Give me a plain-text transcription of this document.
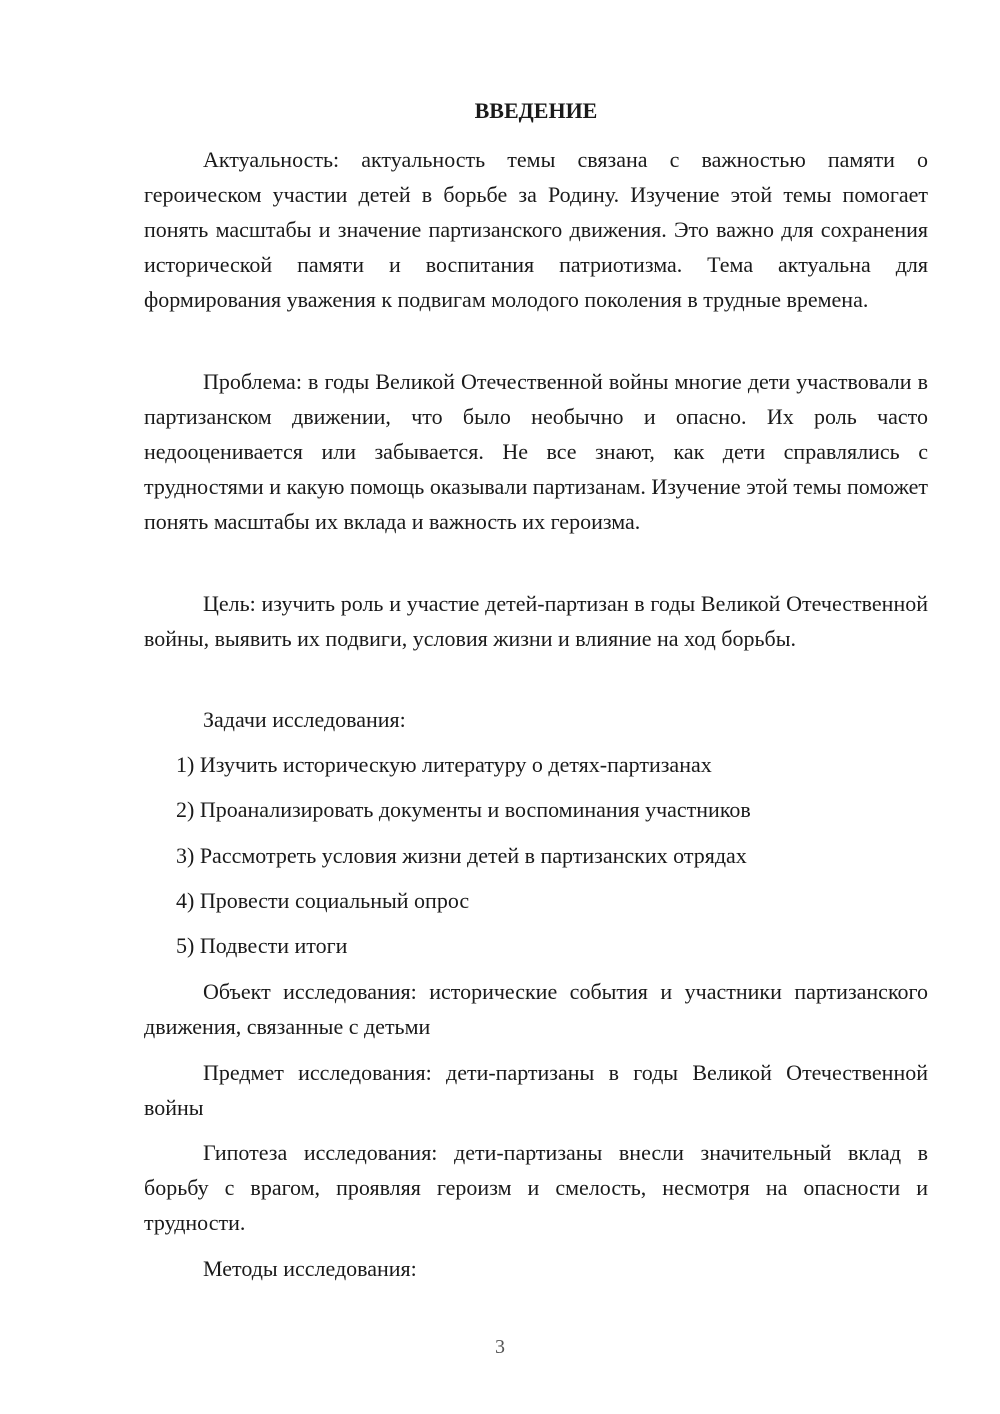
ВВЕДЕНИЕ

Актуальность: актуальность темы связана с важностью памяти о героическом участии детей в борьбе за Родину. Изучение этой темы помогает понять масштабы и значение партизанского движения. Это важно для сохранения исторической памяти и воспитания патриотизма. Тема актуальна для формирования уважения к подвигам молодого поколения в трудные времена.

Проблема: в годы Великой Отечественной войны многие дети участвовали в партизанском движении, что было необычно и опасно. Их роль часто недооценивается или забывается. Не все знают, как дети справлялись с трудностями и какую помощь оказывали партизанам. Изучение этой темы поможет понять масштабы их вклада и важность их героизма.

Цель: изучить роль и участие детей-партизан в годы Великой Отечественной войны, выявить их подвиги, условия жизни и влияние на ход борьбы.

Задачи исследования:

1) Изучить историческую литературу о детях-партизанах

2) Проанализировать документы и воспоминания участников

3) Рассмотреть условия жизни детей в партизанских отрядах

4) Провести социальный опрос

5) Подвести итоги

Объект исследования: исторические события и участники партизанского движения, связанные с детьми

Предмет исследования: дети-партизаны в годы Великой Отечественной войны

Гипотеза исследования: дети-партизаны внесли значительный вклад в борьбу с врагом, проявляя героизм и смелость, несмотря на опасности и трудности.

Методы исследования:

3
